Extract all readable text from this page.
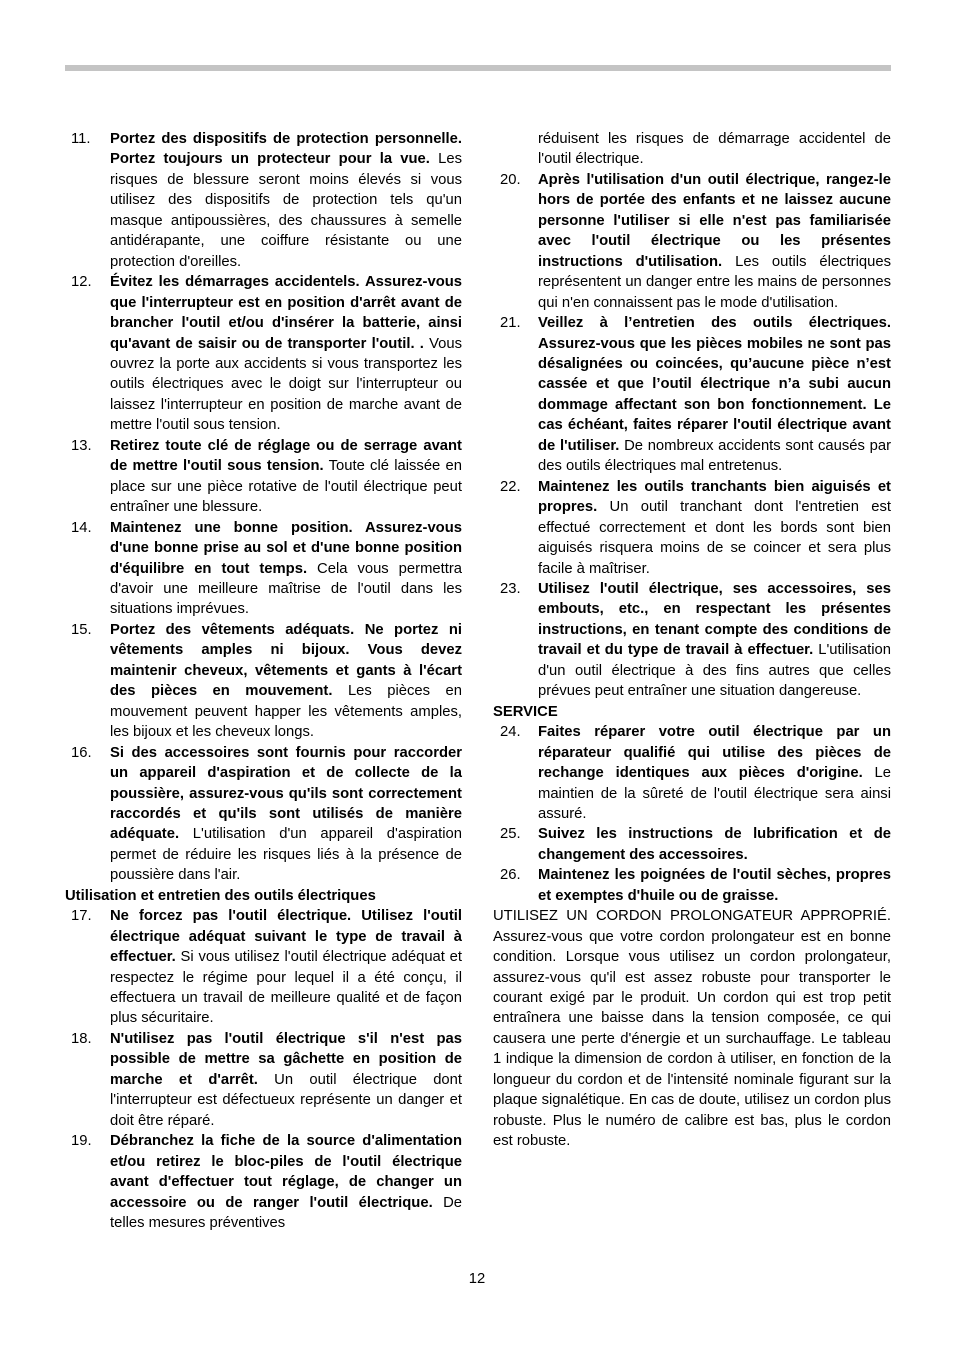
11.	Portez des dispositifs de protection personnelle. Portez toujours un protecteur pour la vue. Les risques de blessure seront moins élevés si vous utilisez des dispositifs de protection tels qu'un masque antipoussières, des chaussures à semelle antidérapante, une coiffure résistante ou une protection d'oreilles.
12.	Évitez les démarrages accidentels. Assurez-vous que l'interrupteur est en position d'arrêt avant de brancher l'outil et/ou d'insérer la batterie, ainsi qu'avant de saisir ou de transporter l'outil. . Vous ouvrez la porte aux accidents si vous transportez les outils électriques avec le doigt sur l'interrupteur ou laissez l'interrupteur en position de marche avant de mettre l'outil sous tension.
13.	Retirez toute clé de réglage ou de serrage avant de mettre l'outil sous tension. Toute clé laissée en place sur une pièce rotative de l'outil électrique peut entraîner une blessure.
14.	Maintenez une bonne position. Assurez-vous d'une bonne prise au sol et d'une bonne position d'équilibre en tout temps. Cela vous permettra d'avoir une meilleure maîtrise de l'outil dans les situations imprévues.
15.	Portez des vêtements adéquats. Ne portez ni vêtements amples ni bijoux. Vous devez maintenir cheveux, vêtements et gants à l'écart des pièces en mouvement. Les pièces en mouvement peuvent happer les vêtements amples, les bijoux et les cheveux longs.
16.	Si des accessoires sont fournis pour raccorder un appareil d'aspiration et de collecte de la poussière, assurez-vous qu'ils sont correctement raccordés et qu'ils sont utilisés de manière adéquate. L'utilisation d'un appareil d'aspiration permet de réduire les risques liés à la présence de poussière dans l'air.
Utilisation et entretien des outils électriques
17.	Ne forcez pas l'outil électrique. Utilisez l'outil électrique adéquat suivant le type de travail à effectuer. Si vous utilisez l'outil électrique adéquat et respectez le régime pour lequel il a été conçu, il effectuera un travail de meilleure qualité et de façon plus sécuritaire.
18.	N'utilisez pas l'outil électrique s'il n'est pas possible de mettre sa gâchette en position de marche et d'arrêt. Un outil électrique dont l'interrupteur est défectueux représente un danger et doit être réparé.
19.	Débranchez la fiche de la source d'alimentation et/ou retirez le bloc-piles de l'outil électrique avant d'effectuer tout réglage, de changer un accessoire ou de ranger l'outil électrique. De telles mesures préventives
réduisent les risques de démarrage accidentel de l'outil électrique.
20.	Après l'utilisation d'un outil électrique, rangez-le hors de portée des enfants et ne laissez aucune personne l'utiliser si elle n'est pas familiarisée avec l'outil électrique ou les présentes instructions d'utilisation. Les outils électriques représentent un danger entre les mains de personnes qui n'en connaissent pas le mode d'utilisation.
21.	Veillez à l’entretien des outils électriques. Assurez-vous que les pièces mobiles ne sont pas désalignées ou coincées, qu’aucune pièce n’est cassée et que l’outil électrique n’a subi aucun dommage affectant son bon fonctionnement. Le cas échéant, faites réparer l'outil électrique avant de l'utiliser. De nombreux accidents sont causés par des outils électriques mal entretenus.
22.	Maintenez les outils tranchants bien aiguisés et propres. Un outil tranchant dont l'entretien est effectué correctement et dont les bords sont bien aiguisés risquera moins de se coincer et sera plus facile à maîtriser.
23.	Utilisez l'outil électrique, ses accessoires, ses embouts, etc., en respectant les présentes instructions, en tenant compte des conditions de travail et du type de travail à effectuer. L'utilisation d'un outil électrique à des fins autres que celles prévues peut entraîner une situation dangereuse.
SERVICE
24.	Faites réparer votre outil électrique par un réparateur qualifié qui utilise des pièces de rechange identiques aux pièces d'origine. Le maintien de la sûreté de l'outil électrique sera ainsi assuré.
25.	Suivez les instructions de lubrification et de changement des accessoires.
26.	Maintenez les poignées de l'outil sèches, propres et exemptes d'huile ou de graisse.
UTILISEZ UN CORDON PROLONGATEUR APPROPRIÉ. Assurez-vous que votre cordon prolongateur est en bonne condition. Lorsque vous utilisez un cordon prolongateur, assurez-vous qu'il est assez robuste pour transporter le courant exigé par le produit. Un cordon qui est trop petit entraînera une baisse dans la tension composée, ce qui causera une perte d'énergie et un surchauffage. Le tableau 1 indique la dimension de cordon à utiliser, en fonction de la longueur du cordon et de l'intensité nominale figurant sur la plaque signalétique. En cas de doute, utilisez un cordon plus robuste. Plus le numéro de calibre est bas, plus le cordon est robuste.
12
